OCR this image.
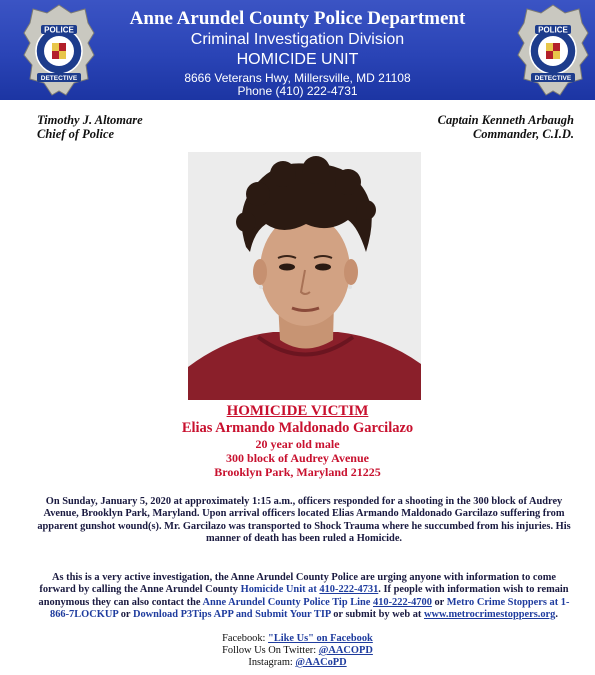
POLICE
DETECTIVE
Anne Arundel County Police Department
Criminal Investigation Division
HOMICIDE UNIT
8666 Veterans Hwy, Millersville, MD 21108
Phone (410) 222-4731
POLICE
DETECTIVE
Timothy J. Altomare
Chief of Police
Captain Kenneth Arbaugh
Commander, C.I.D.
HOMICIDE VICTIM
Elias Armando Maldonado Garcilazo
20 year old male
300 block of Audrey Avenue
Brooklyn Park, Maryland 21225
On Sunday, January 5, 2020 at approximately 1:15 a.m., officers responded for a shooting in the 300 block of Audrey Avenue, Brooklyn Park, Maryland. Upon arrival officers located Elias Armando Maldonado Garcilazo suffering from apparent gunshot wound(s). Mr. Garcilazo was transported to Shock Trauma where he succumbed from his injuries. His manner of death has been ruled a Homicide.
As this is a very active investigation, the Anne Arundel County Police are urging anyone with information to come forward by calling the Anne Arundel County Homicide Unit at 410-222-4731. If people with information wish to remain anonymous they can also contact the Anne Arundel County Police Tip Line 410-222-4700 or Metro Crime Stoppers at 1-866-7LOCKUP or Download P3Tips APP and Submit Your TIP or submit by web at www.metrocrimestoppers.org.
Facebook: "Like Us" on Facebook
Follow Us On Twitter: @AACOPD
Instagram: @AACoPD
